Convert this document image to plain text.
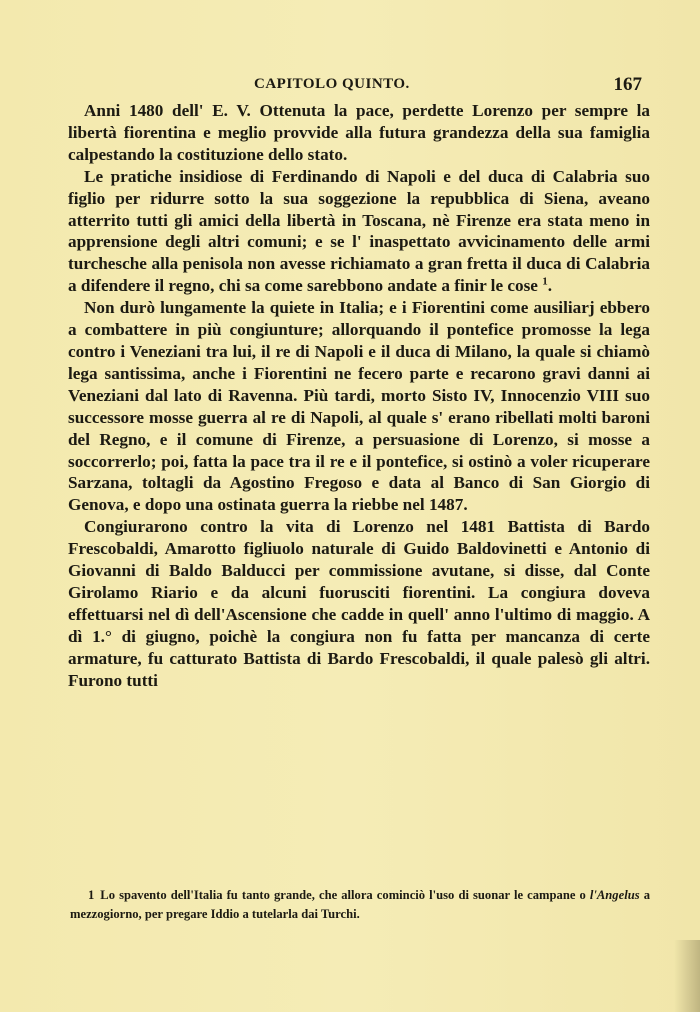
CAPITOLO QUINTO.	167

Anni 1480 dell' E. V. Ottenuta la pace, perdette Lorenzo per sempre la libertà fiorentina e meglio provvide alla futura grandezza della sua famiglia calpestando la costituzione dello stato.

Le pratiche insidiose di Ferdinando di Napoli e del duca di Calabria suo figlio per ridurre sotto la sua soggezione la repubblica di Siena, aveano atterrito tutti gli amici della libertà in Toscana, nè Firenze era stata meno in apprensione degli altri comuni; e se l' inaspettato avvicinamento delle armi turchesche alla penisola non avesse richiamato a gran fretta il duca di Calabria a difendere il regno, chi sa come sarebbono andate a finir le cose $^1$.

Non durò lungamente la quiete in Italia; e i Fiorentini come ausiliarj ebbero a combattere in più congiunture; allorquando il pontefice promosse la lega contro i Veneziani tra lui, il re di Napoli e il duca di Milano, la quale si chiamò lega santissima, anche i Fiorentini ne fecero parte e recarono gravi danni ai Veneziani dal lato di Ravenna. Più tardi, morto Sisto IV, Innocenzio VIII suo successore mosse guerra al re di Napoli, al quale s' erano ribellati molti baroni del Regno, e il comune di Firenze, a persuasione di Lorenzo, si mosse a soccorrerlo; poi, fatta la pace tra il re e il pontefice, si ostinò a voler ricuperare Sarzana, toltagli da Agostino Fregoso e data al Banco di San Giorgio di Genova, e dopo una ostinata guerra la riebbe nel 1487.

Congiurarono contro la vita di Lorenzo nel 1481 Battista di Bardo Frescobaldi, Amarotto figliuolo naturale di Guido Baldovinetti e Antonio di Giovanni di Baldo Balducci per commissione avutane, si disse, dal Conte Girolamo Riario e da alcuni fuorusciti fiorentini. La congiura doveva effettuarsi nel dì dell'Ascensione che cadde in quell' anno l'ultimo di maggio. A dì 1.° di giugno, poichè la congiura non fu fatta per mancanza di certe armature, fu catturato Battista di Bardo Frescobaldi, il quale palesò gli altri. Furono tutti

1 Lo spavento dell'Italia fu tanto grande, che allora cominciò l'uso di suonar le campane o l'Angelus a mezzogiorno, per pregare Iddio a tutelarla dai Turchi.
